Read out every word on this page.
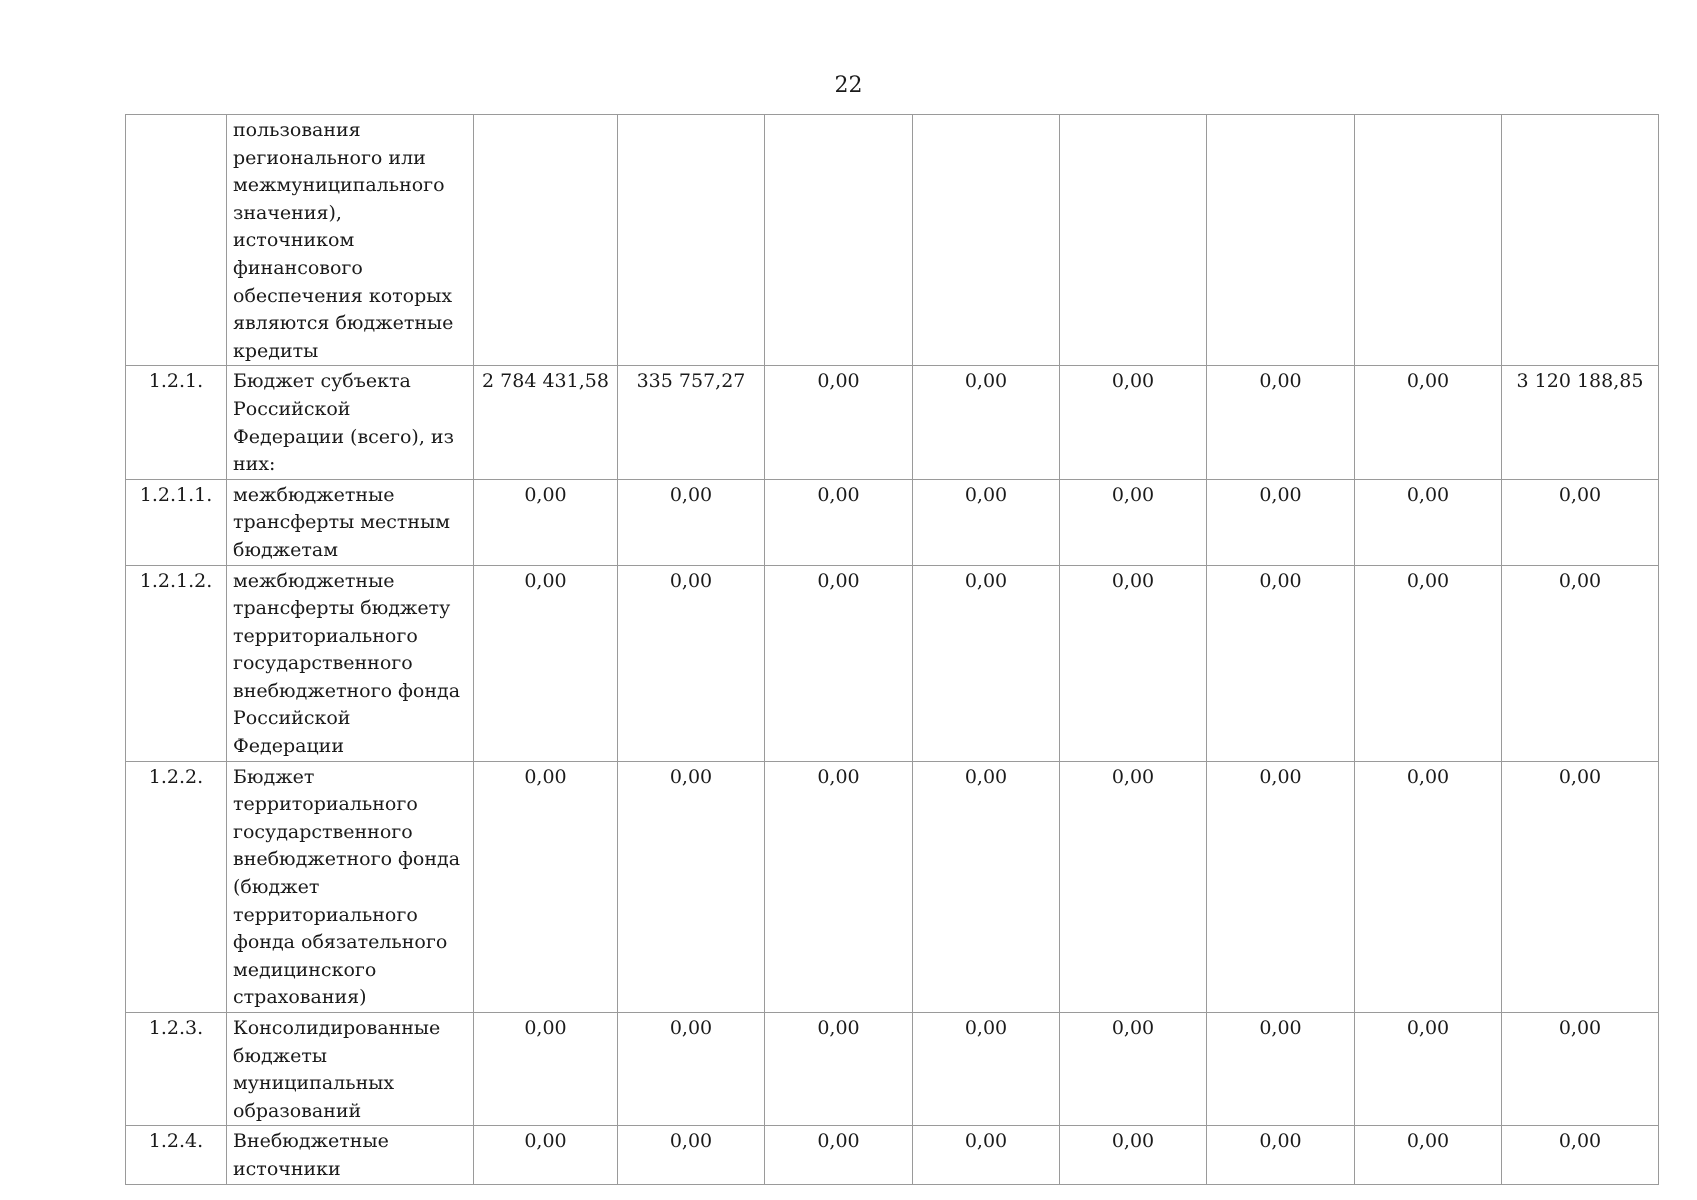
22
	пользования регионального или межмуниципального значения), источником финансового обеспечения которых являются бюджетные кредиты								
1.2.1.	Бюджет субъекта Российской Федерации (всего), из них:	2 784 431,58	335 757,27	0,00	0,00	0,00	0,00	0,00	3 120 188,85
1.2.1.1.	межбюджетные трансферты местным бюджетам	0,00	0,00	0,00	0,00	0,00	0,00	0,00	0,00
1.2.1.2.	межбюджетные трансферты бюджету территориального государственного внебюджетного фонда Российской Федерации	0,00	0,00	0,00	0,00	0,00	0,00	0,00	0,00
1.2.2.	Бюджет территориального государственного внебюджетного фонда (бюджет территориального фонда обязательного медицинского страхования)	0,00	0,00	0,00	0,00	0,00	0,00	0,00	0,00
1.2.3.	Консолидированные бюджеты муниципальных образований	0,00	0,00	0,00	0,00	0,00	0,00	0,00	0,00
1.2.4.	Внебюджетные источники	0,00	0,00	0,00	0,00	0,00	0,00	0,00	0,00
